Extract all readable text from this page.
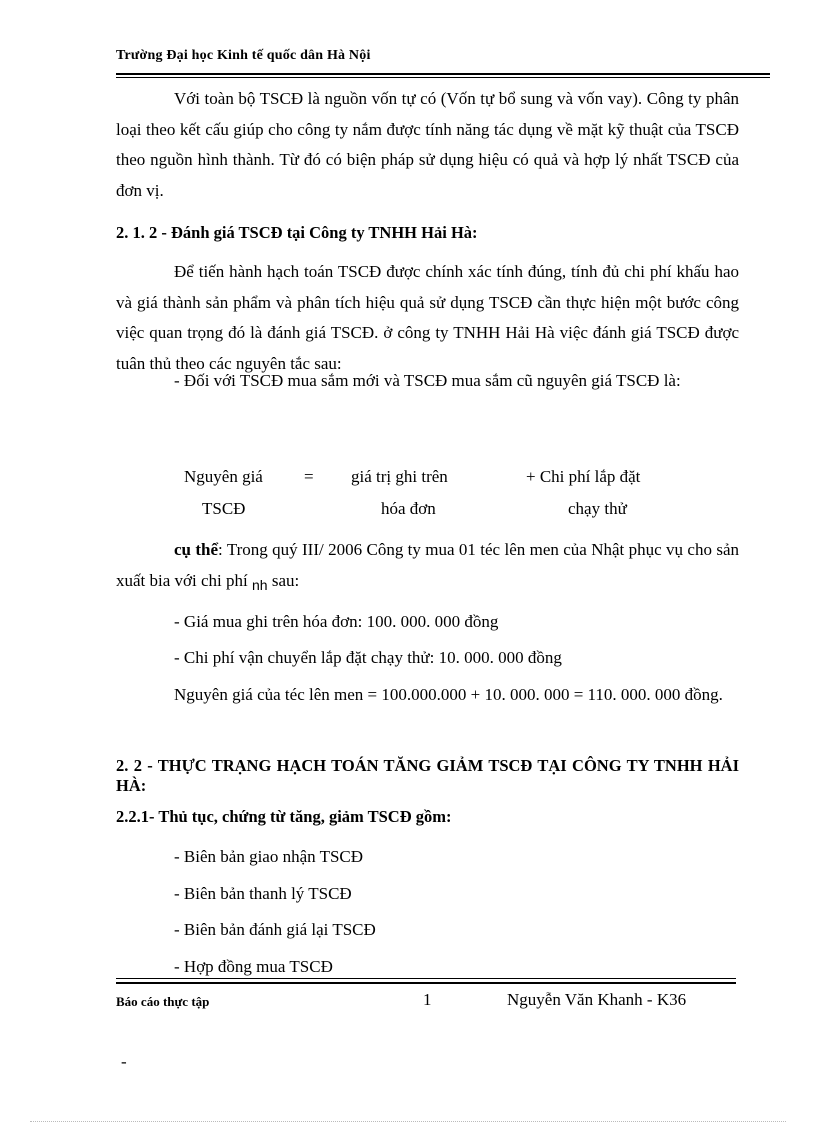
Trường Đại học Kinh tế quốc dân Hà Nội
Với toàn bộ TSCĐ là nguồn vốn tự có (Vốn tự bổ sung và vốn vay). Công ty phân loại theo kết cấu giúp cho công ty nắm được tính năng tác dụng về mặt kỹ thuật của TSCĐ theo nguồn hình thành. Từ đó có biện pháp sử dụng hiệu có quả và hợp lý nhất TSCĐ của đơn vị.
2. 1. 2 - Đánh giá TSCĐ tại Công ty TNHH Hải Hà:
Để tiến hành hạch toán TSCĐ được chính xác tính đúng, tính đủ chi phí khấu hao và giá thành sản phẩm và phân tích hiệu quả sử dụng TSCĐ cần thực hiện một bước công việc quan trọng đó là đánh giá TSCĐ. ở công ty TNHH Hải Hà việc đánh giá TSCĐ được tuân thủ theo các nguyên tắc sau:
- Đối với TSCĐ mua sắm mới và TSCĐ mua sắm cũ nguyên giá TSCĐ là:
Nguyên giá = giá trị ghi trên	+ Chi phí lắp đặt
TSCĐ	hóa đơn	chạy thử
cụ thể: Trong quý III/ 2006 Công ty mua 01 téc lên men của Nhật phục vụ cho sản xuất bia với chi phí $_{nh}$ sau:
- Giá mua ghi trên hóa đơn: 100. 000. 000 đồng
- Chi phí vận chuyển lắp đặt chạy thử: 10. 000. 000 đồng
Nguyên giá của téc lên men = 100.000.000 + 10. 000. 000 = 110. 000. 000 đồng.
2. 2 - THỰC TRẠNG HẠCH TOÁN TĂNG GIẢM TSCĐ TẠI CÔNG TY TNHH HẢI HÀ:
2.2.1- Thủ tục, chứng từ tăng, giảm TSCĐ gồm:
- Biên bản giao nhận TSCĐ
- Biên bản thanh lý TSCĐ
- Biên bản đánh giá lại TSCĐ
- Hợp đồng mua TSCĐ
Báo cáo thực tập	1	Nguyễn Văn Khanh - K36
-
